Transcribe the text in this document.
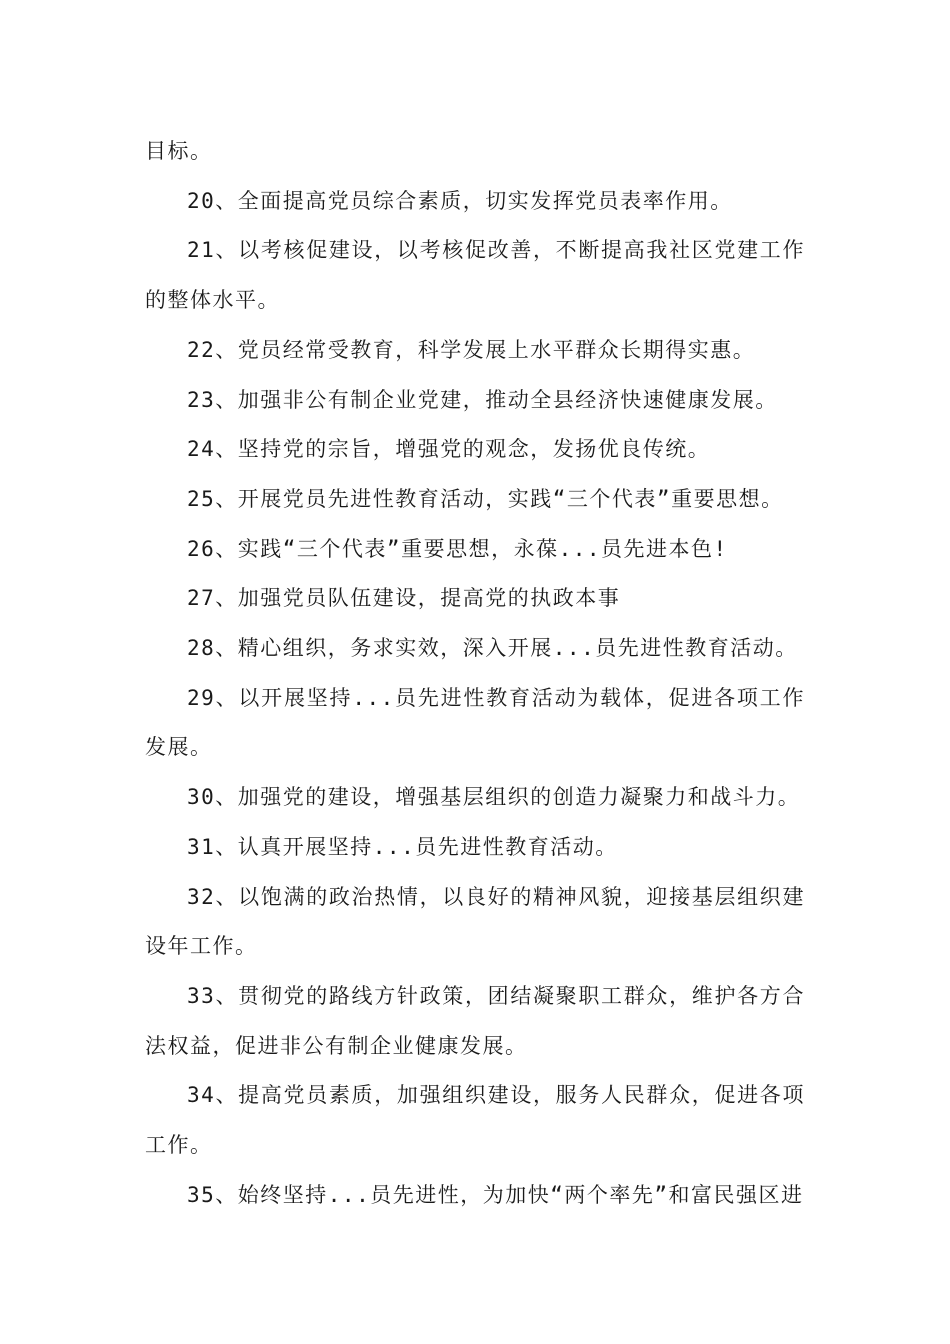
目标。

20、全面提高党员综合素质，切实发挥党员表率作用。

21、以考核促建设，以考核促改善，不断提高我社区党建工作的整体水平。

22、党员经常受教育，科学发展上水平群众长期得实惠。

23、加强非公有制企业党建，推动全县经济快速健康发展。

24、坚持党的宗旨，增强党的观念，发扬优良传统。

25、开展党员先进性教育活动，实践“三个代表”重要思想。

26、实践“三个代表”重要思想，永葆...员先进本色!

27、加强党员队伍建设，提高党的执政本事

28、精心组织，务求实效，深入开展...员先进性教育活动。

29、以开展坚持...员先进性教育活动为载体，促进各项工作发展。

30、加强党的建设，增强基层组织的创造力凝聚力和战斗力。

31、认真开展坚持...员先进性教育活动。

32、以饱满的政治热情，以良好的精神风貌，迎接基层组织建设年工作。

33、贯彻党的路线方针政策，团结凝聚职工群众，维护各方合法权益，促进非公有制企业健康发展。

34、提高党员素质，加强组织建设，服务人民群众，促进各项工作。

35、始终坚持...员先进性，为加快“两个率先”和富民强区进
